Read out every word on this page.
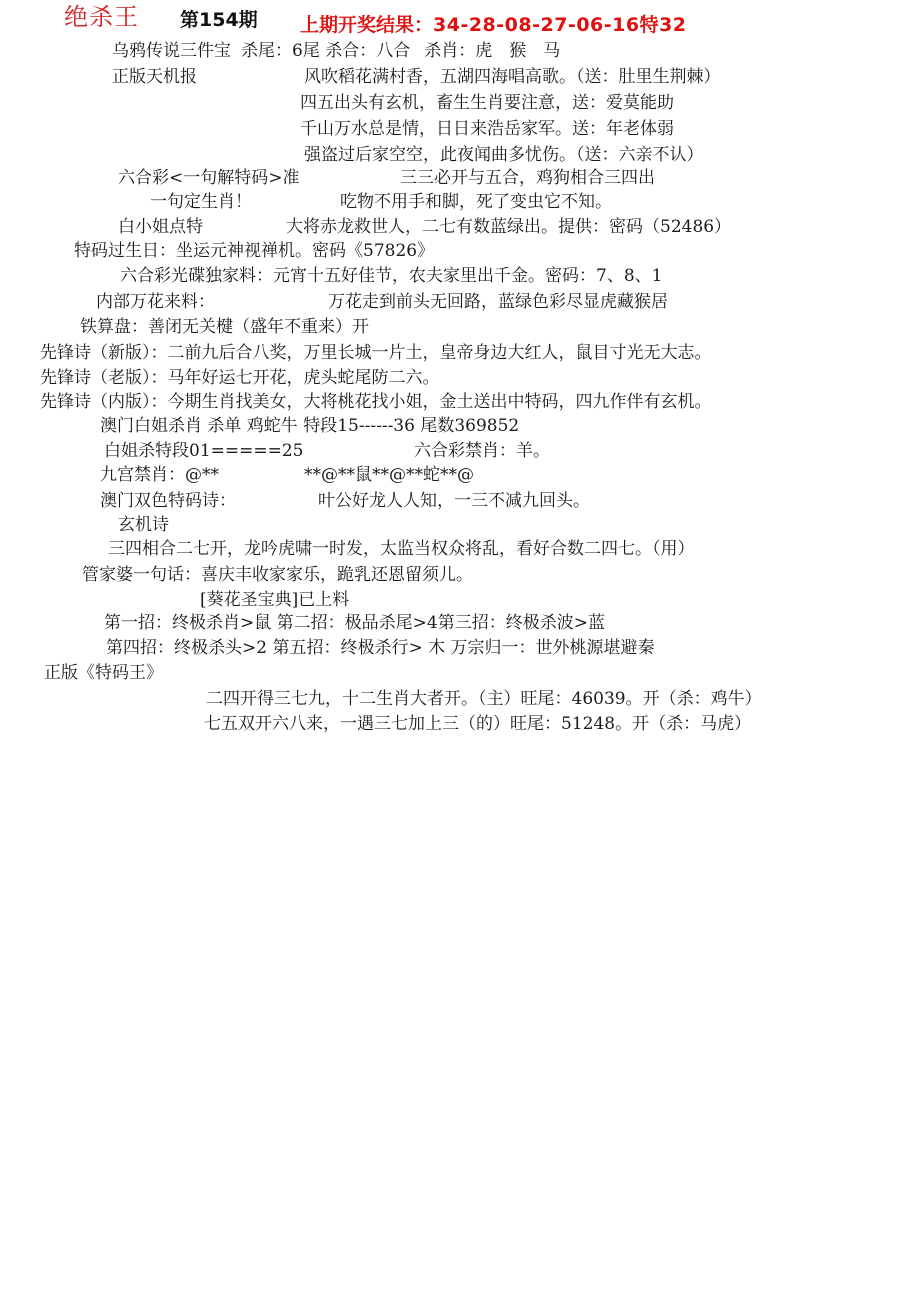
绝杀王 第154期 上期开奖结果：34-28-08-27-06-16特32
乌鸦传说三件宝 杀尾：6尾 杀合：八合 杀肖：虎　猴　马
正版天机报	风吹稻花满村香，五湖四海唱高歌。（送：肚里生荆棘）
四五出头有玄机，畜生生肖要注意，送：爱莫能助
千山万水总是情，日日来浩岳家军。送：年老体弱
强盗过后家空空，此夜闻曲多忧伤。（送：六亲不认）
六合彩<一句解特码>准	三三必开与五合，鸡狗相合三四出
一句定生肖！	吃物不用手和脚，死了变虫它不知。
白小姐点特	大将赤龙救世人，二七有数蓝绿出。提供：密码（52486）
特码过生日：坐运元神视禅机。密码《57826》
六合彩光碟独家料：元宵十五好佳节，农夫家里出千金。密码：7、8、1
内部万花来料：	万花走到前头无回路，蓝绿色彩尽显虎藏猴居
铁算盘：善闭无关楗（盛年不重来）开
先锋诗（新版）：二前九后合八奖，万里长城一片土，皇帝身边大红人，鼠目寸光无大志。
先锋诗（老版）：马年好运七开花，虎头蛇尾防二六。
先锋诗（内版）：今期生肖找美女，大将桃花找小姐，金土送出中特码，四九作伴有玄机。
澳门白姐杀肖 杀单 鸡蛇牛 特段15------36 尾数369852
白姐杀特段01=====25	六合彩禁肖：羊。
九宫禁肖：@**　　　　　**@**鼠**@**蛇**@
澳门双色特码诗：	叶公好龙人人知，一三不减九回头。
玄机诗
三四相合二七开，龙吟虎啸一时发，太监当权众将乱，看好合数二四七。（用）
管家婆一句话：喜庆丰收家家乐，跪乳还恩留须儿。
[葵花圣宝典]已上料
第一招：终极杀肖>鼠 第二招：极品杀尾>4第三招：终极杀波>蓝
第四招：终极杀头>2 第五招：终极杀行> 木 万宗归一：世外桃源堪避秦
正版《特码王》
二四开得三七九，十二生肖大者开。（主）旺尾：46039。开（杀：鸡牛）
七五双开六八来，一遇三七加上三（的）旺尾：51248。开（杀：马虎）
